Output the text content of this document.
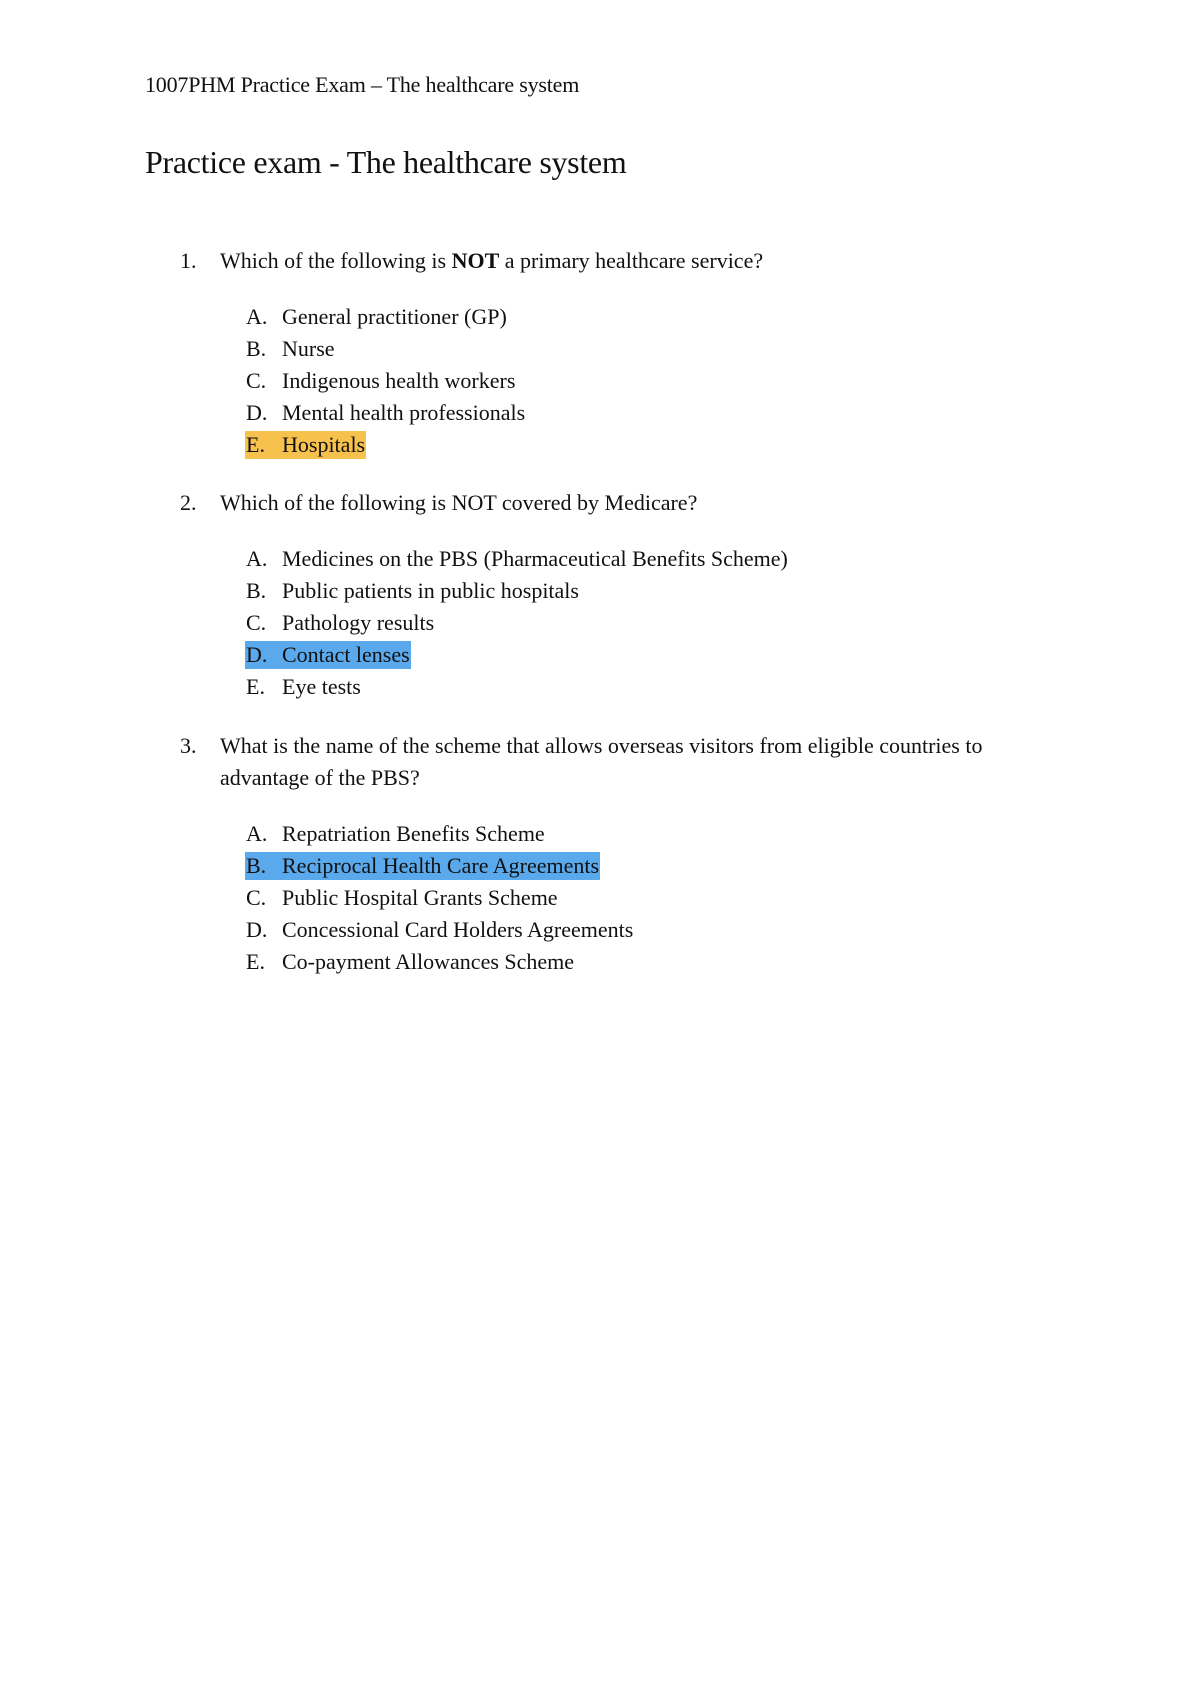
1007PHM Practice Exam – The healthcare system
Practice exam - The healthcare system
1. Which of the following is NOT a primary healthcare service?
A. General practitioner (GP)
B. Nurse
C. Indigenous health workers
D. Mental health professionals
E. Hospitals
2. Which of the following is NOT covered by Medicare?
A. Medicines on the PBS (Pharmaceutical Benefits Scheme)
B. Public patients in public hospitals
C. Pathology results
D. Contact lenses
E. Eye tests
3. What is the name of the scheme that allows overseas visitors from eligible countries to
advantage of the PBS?
A. Repatriation Benefits Scheme
B. Reciprocal Health Care Agreements
C. Public Hospital Grants Scheme
D. Concessional Card Holders Agreements
E. Co-payment Allowances Scheme
